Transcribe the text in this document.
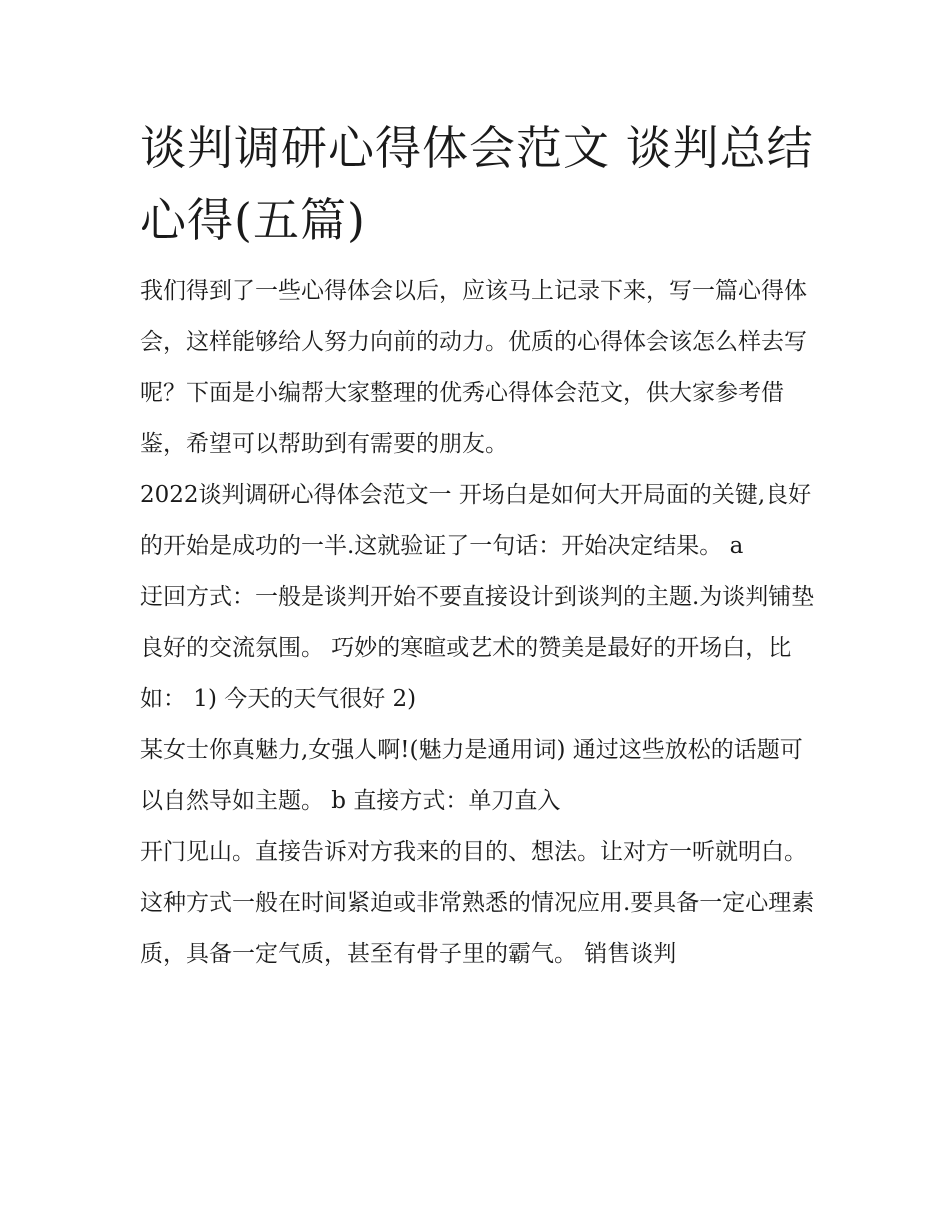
谈判调研心得体会范文 谈判总结心得(五篇)

我们得到了一些心得体会以后，应该马上记录下来，写一篇心得体会，这样能够给人努力向前的动力。优质的心得体会该怎么样去写呢？下面是小编帮大家整理的优秀心得体会范文，供大家参考借鉴，希望可以帮助到有需要的朋友。

2022谈判调研心得体会范文一 开场白是如何大开局面的关键,良好的开始是成功的一半.这就验证了一句话：开始决定结果。 a

迂回方式：一般是谈判开始不要直接设计到谈判的主题.为谈判铺垫良好的交流氛围。 巧妙的寒暄或艺术的赞美是最好的开场白，比如： 1) 今天的天气很好 2)

某女士你真魅力,女强人啊!(魅力是通用词) 通过这些放松的话题可以自然导如主题。 b 直接方式：单刀直入

开门见山。直接告诉对方我来的目的、想法。让对方一听就明白。

这种方式一般在时间紧迫或非常熟悉的情况应用.要具备一定心理素质，具备一定气质，甚至有骨子里的霸气。 销售谈判
